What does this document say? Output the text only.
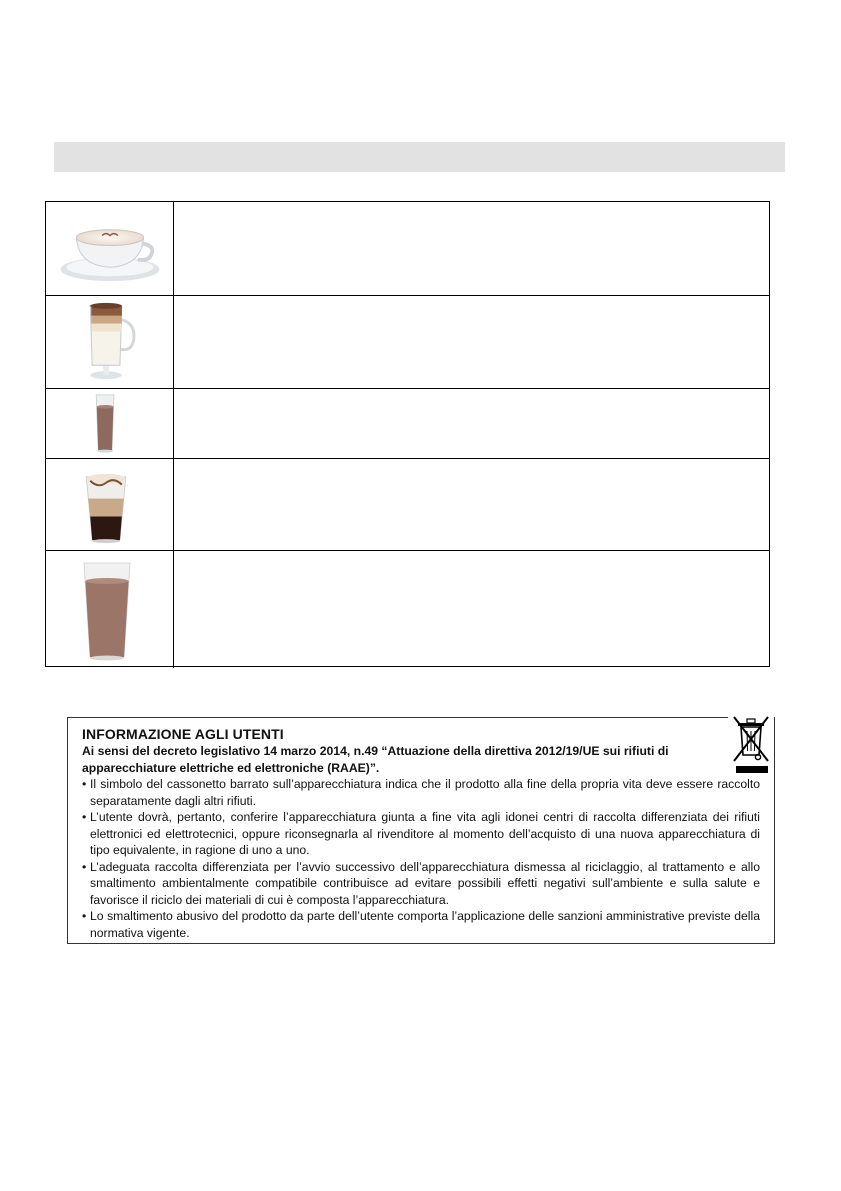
INFORMAZIONE AGLI UTENTI

Ai sensi del decreto legislativo 14 marzo 2014, n.49 “Attuazione della direttiva 2012/19/UE sui rifiuti di apparecchiature elettriche ed elettroniche (RAAE)”.

• Il simbolo del cassonetto barrato sull’apparecchiatura indica che il prodotto alla fine della propria vita deve essere raccolto separatamente dagli altri rifiuti.
• L’utente dovrà, pertanto, conferire l’apparecchiatura giunta a fine vita agli idonei centri di raccolta differenziata dei rifiuti elettronici ed elettrotecnici, oppure riconsegnarla al rivenditore al momento dell’acquisto di una nuova apparecchiatura di tipo equivalente, in ragione di uno a uno.
• L’adeguata raccolta differenziata per l’avvio successivo dell’apparecchiatura dismessa al riciclaggio, al trattamento e allo smaltimento ambientalmente compatibile contribuisce ad evitare possibili effetti negativi sull’ambiente e sulla salute e favorisce il riciclo dei materiali di cui è composta l’apparecchiatura.
• Lo smaltimento abusivo del prodotto da parte dell’utente comporta l’applicazione delle sanzioni amministrative previste della normativa vigente.
